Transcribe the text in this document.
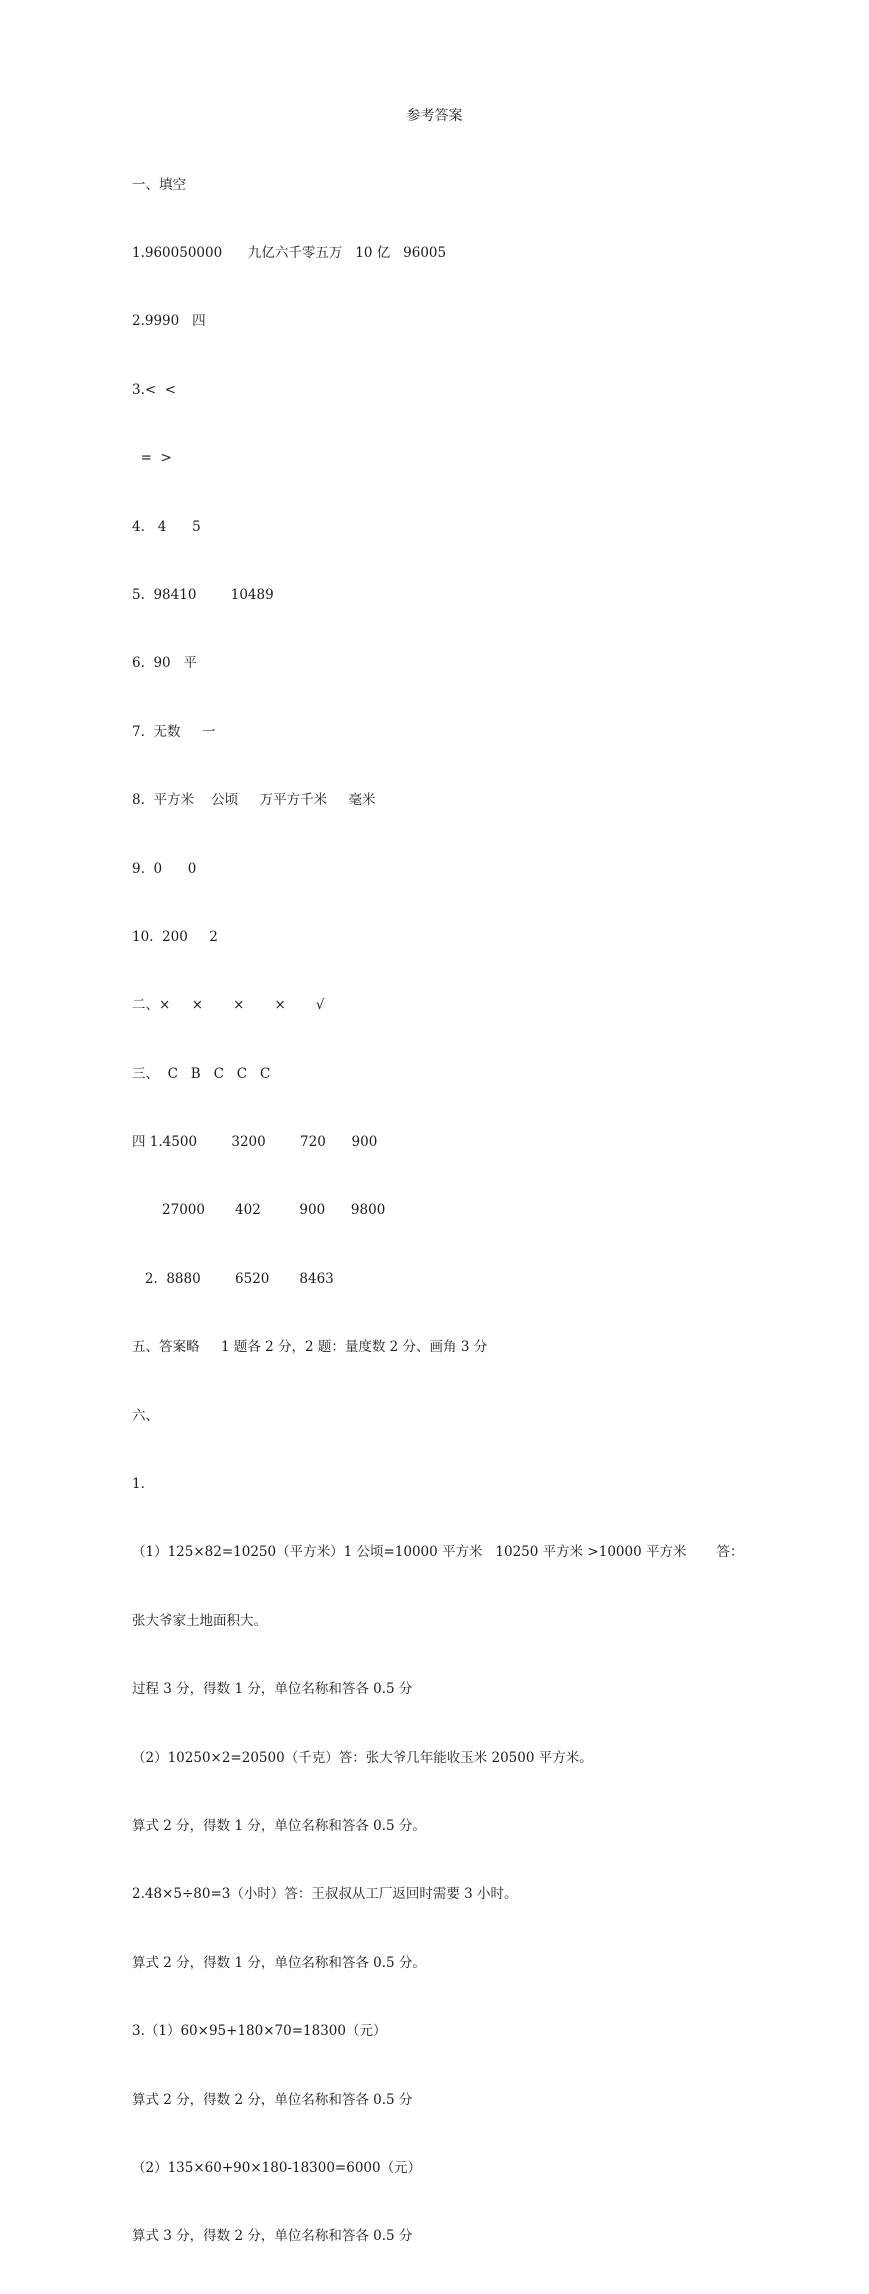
参考答案

一、填空

1.960050000      九亿六千零五万   10 亿   96005

2.9990   四

3.<  <

=  >

4.   4      5

5.  98410        10489

6.  90   平

7.  无数     一

8.  平方米    公顷     万平方千米     毫米

9.  0      0

10.  200     2

二、×     ×       ×       ×       √

三、  C   B   C   C   C

四 1.4500        3200        720      900

27000       402         900      9800

2.  8880        6520       8463

五、答案略     1 题各 2 分，2 题：量度数 2 分、画角 3 分

六、

1.

（1）125×82=10250（平方米）1 公顷=10000 平方米   10250 平方米 >10000 平方米       答：

张大爷家土地面积大。

过程 3 分，得数 1 分，单位名称和答各 0.5 分

（2）10250×2=20500（千克）答：张大爷几年能收玉米 20500 平方米。

算式 2 分，得数 1 分，单位名称和答各 0.5 分。

2.48×5÷80=3（小时）答：王叔叔从工厂返回时需要 3 小时。

算式 2 分，得数 1 分，单位名称和答各 0.5 分。

3.（1）60×95+180×70=18300（元）

算式 2 分，得数 2 分，单位名称和答各 0.5 分

（2）135×60+90×180-18300=6000（元）

算式 3 分，得数 2 分，单位名称和答各 0.5 分
